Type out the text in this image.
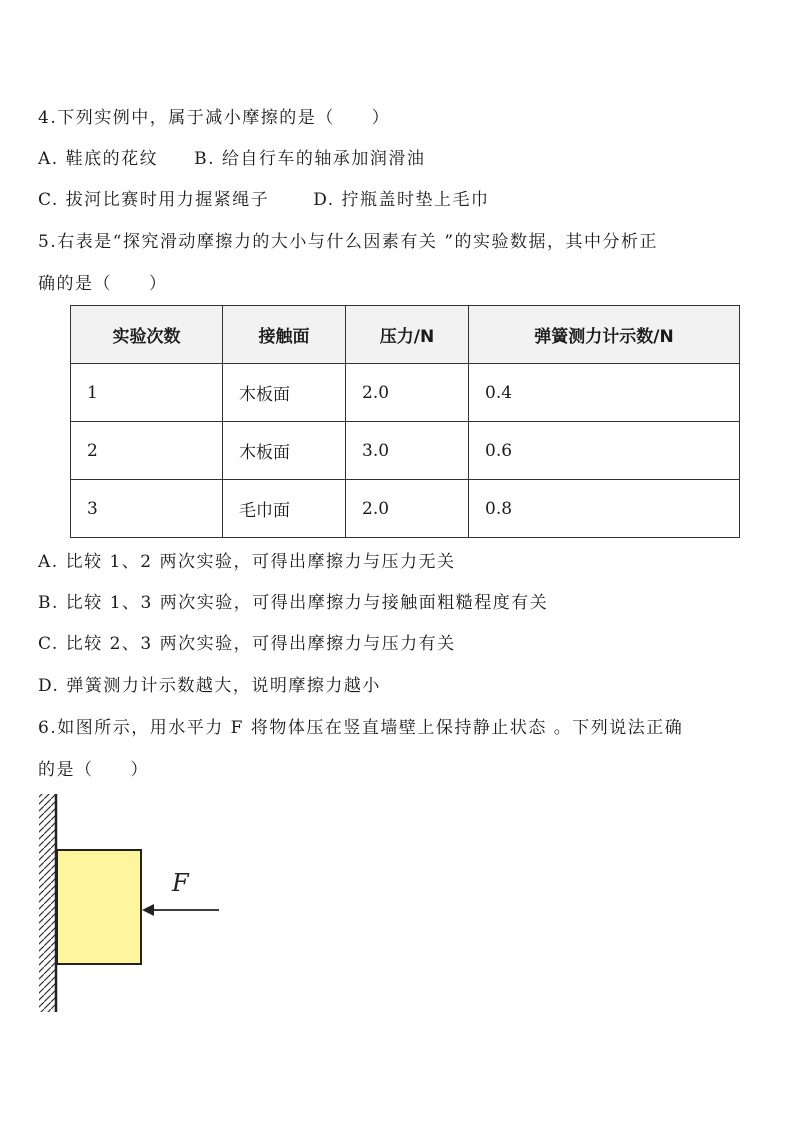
4.下列实例中，属于减小摩擦的是（　　）
A. 鞋底的花纹 B. 给自行车的轴承加润滑油
C. 拔河比赛时用力握紧绳子	D. 拧瓶盖时垫上毛巾
5.右表是“探究滑动摩擦力的大小与什么因素有关 ”的实验数据，其中分析正
确的是（　　）
实验次数	接触面	压力/N	弹簧测力计示数/N
1	木板面	2.0	0.4
2	木板面	3.0	0.6
3	毛巾面	2.0	0.8
A. 比较 1、2 两次实验，可得出摩擦力与压力无关
B. 比较 1、3 两次实验，可得出摩擦力与接触面粗糙程度有关
C. 比较 2、3 两次实验，可得出摩擦力与压力有关
D. 弹簧测力计示数越大，说明摩擦力越小
6.如图所示，用水平力 F 将物体压在竖直墙壁上保持静止状态 。下列说法正确
的是（　　）
F
